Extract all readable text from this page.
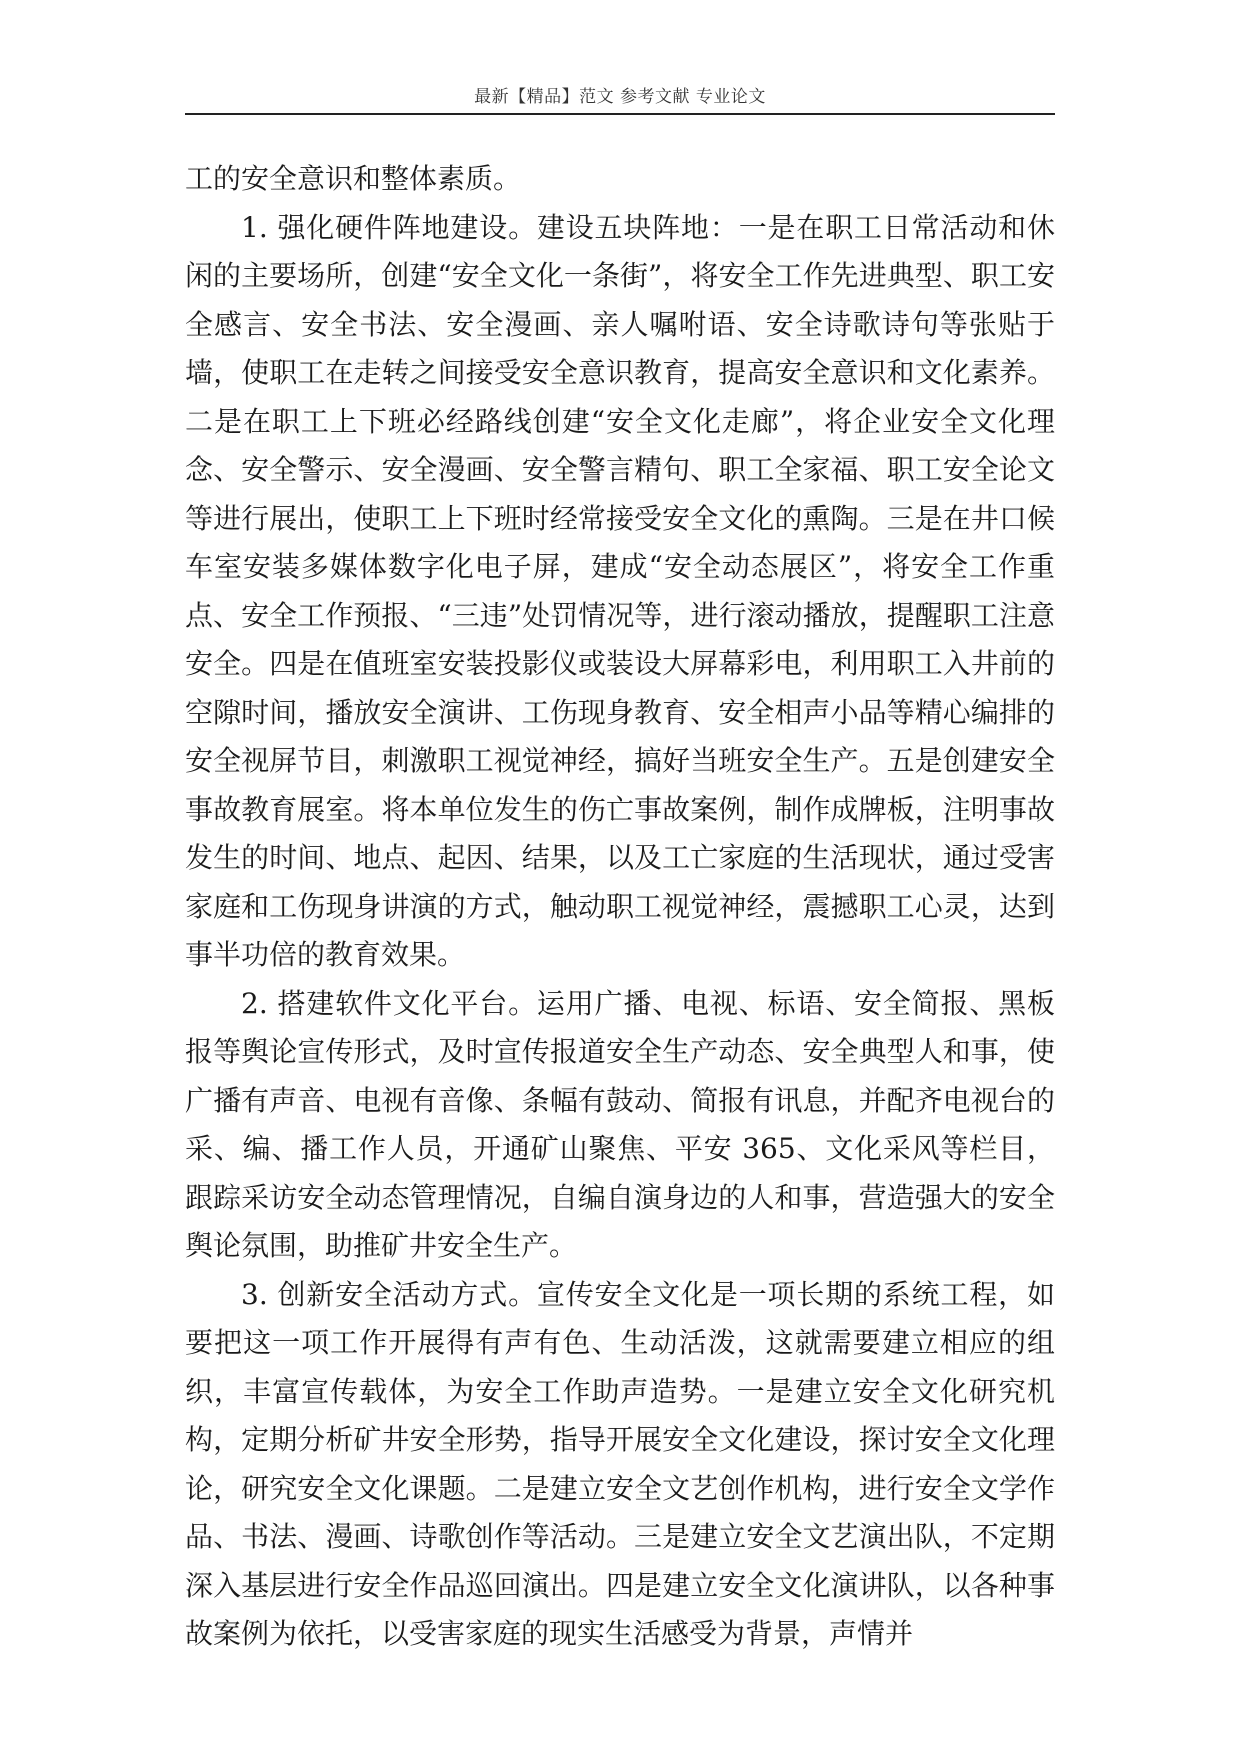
最新【精品】范文 参考文献 专业论文

工的安全意识和整体素质。

1. 强化硬件阵地建设。建设五块阵地：一是在职工日常活动和休闲的主要场所，创建“安全文化一条街”，将安全工作先进典型、职工安全感言、安全书法、安全漫画、亲人嘱咐语、安全诗歌诗句等张贴于墙，使职工在走转之间接受安全意识教育，提高安全意识和文化素养。二是在职工上下班必经路线创建“安全文化走廊”，将企业安全文化理念、安全警示、安全漫画、安全警言精句、职工全家福、职工安全论文等进行展出，使职工上下班时经常接受安全文化的熏陶。三是在井口候车室安装多媒体数字化电子屏，建成“安全动态展区”，将安全工作重点、安全工作预报、“三违”处罚情况等，进行滚动播放，提醒职工注意安全。四是在值班室安装投影仪或装设大屏幕彩电，利用职工入井前的空隙时间，播放安全演讲、工伤现身教育、安全相声小品等精心编排的安全视屏节目，刺激职工视觉神经，搞好当班安全生产。五是创建安全事故教育展室。将本单位发生的伤亡事故案例，制作成牌板，注明事故发生的时间、地点、起因、结果，以及工亡家庭的生活现状，通过受害家庭和工伤现身讲演的方式，触动职工视觉神经，震撼职工心灵，达到事半功倍的教育效果。

2. 搭建软件文化平台。运用广播、电视、标语、安全简报、黑板报等舆论宣传形式，及时宣传报道安全生产动态、安全典型人和事，使广播有声音、电视有音像、条幅有鼓动、简报有讯息，并配齐电视台的采、编、播工作人员，开通矿山聚焦、平安 365、文化采风等栏目，跟踪采访安全动态管理情况，自编自演身边的人和事，营造强大的安全舆论氛围，助推矿井安全生产。

3. 创新安全活动方式。宣传安全文化是一项长期的系统工程，如要把这一项工作开展得有声有色、生动活泼，这就需要建立相应的组织，丰富宣传载体，为安全工作助声造势。一是建立安全文化研究机构，定期分析矿井安全形势，指导开展安全文化建设，探讨安全文化理论，研究安全文化课题。二是建立安全文艺创作机构，进行安全文学作品、书法、漫画、诗歌创作等活动。三是建立安全文艺演出队，不定期深入基层进行安全作品巡回演出。四是建立安全文化演讲队，以各种事故案例为依托，以受害家庭的现实生活感受为背景，声情并
